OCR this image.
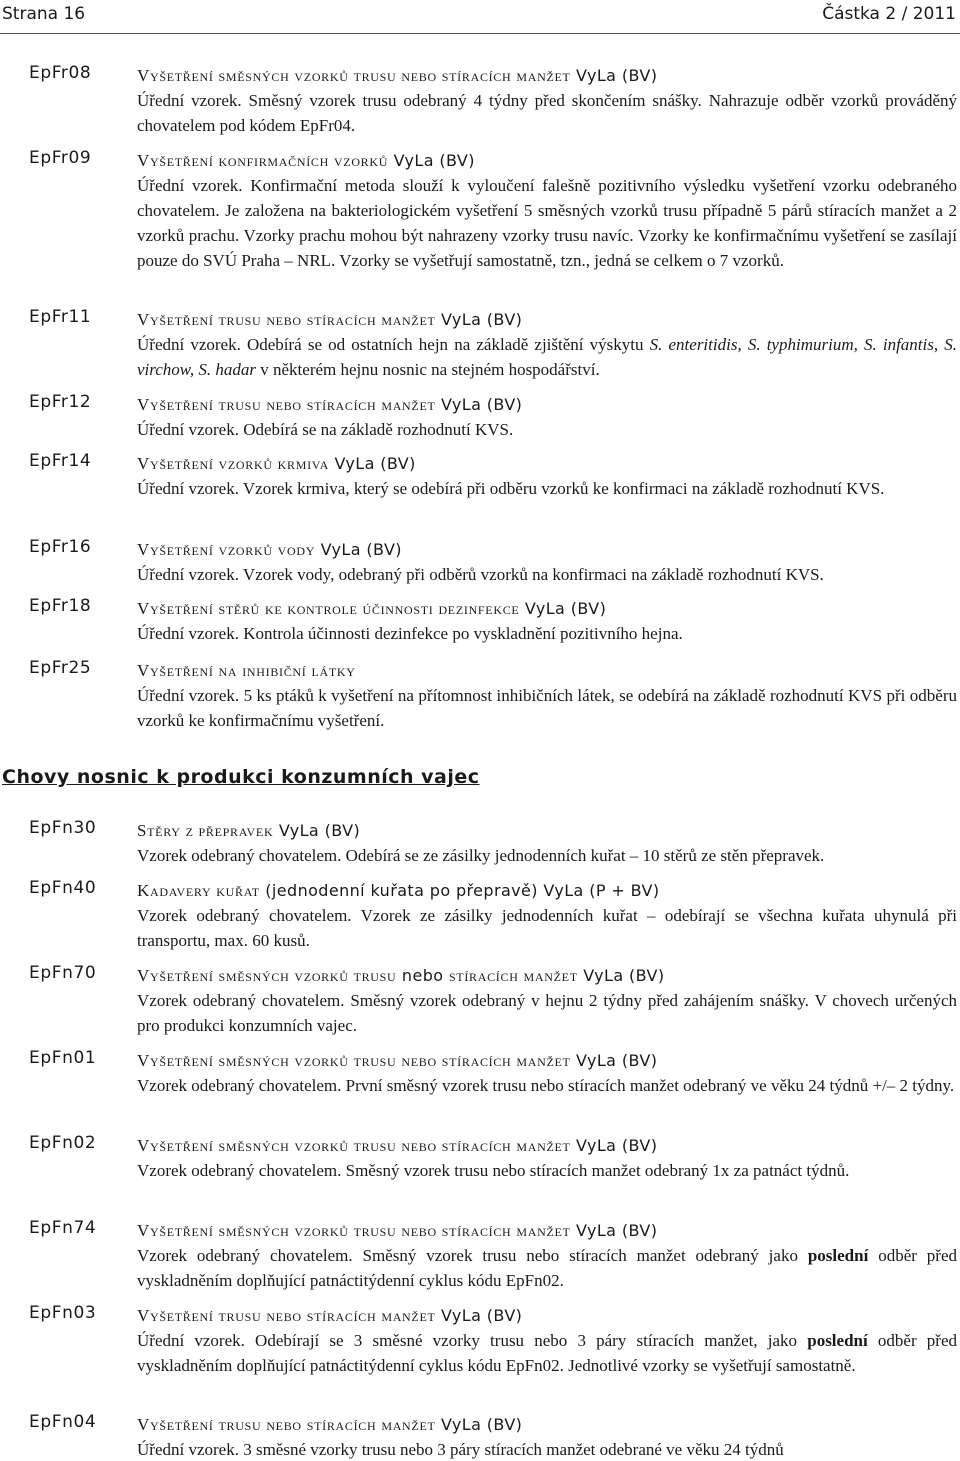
Strana 16	Částka 2 / 2011
EpFr08	Vyšetření směsných vzorků trusu nebo stíracích manžet VyLa (BV)
Úřední vzorek. Směsný vzorek trusu odebraný 4 týdny před skončením snášky. Nahrazuje odběr vzorků prováděný chovatelem pod kódem EpFr04.
EpFr09	Vyšetření konfirmačních vzorků VyLa (BV)
Úřední vzorek. Konfirmační metoda slouží k vyloučení falešně pozitivního výsledku vyšetření vzorku odebraného chovatelem. Je založena na bakteriologickém vyšetření 5 směsných vzorků trusu případně 5 párů stíracích manžet a 2 vzorků prachu. Vzorky prachu mohou být nahrazeny vzorky trusu navíc. Vzorky ke konfirmačnímu vyšetření se zasílají pouze do SVÚ Praha – NRL. Vzorky se vyšetřují samostatně, tzn., jedná se celkem o 7 vzorků.
EpFr11	Vyšetření trusu nebo stíracích manžet VyLa (BV)
Úřední vzorek. Odebírá se od ostatních hejn na základě zjištění výskytu S. enteritidis, S. typhimurium, S. infantis, S. virchow, S. hadar v některém hejnu nosnic na stejném hospodářství.
EpFr12	Vyšetření trusu nebo stíracích manžet VyLa (BV)
Úřední vzorek. Odebírá se na základě rozhodnutí KVS.
EpFr14	Vyšetření vzorků krmiva VyLa (BV)
Úřední vzorek. Vzorek krmiva, který se odebírá při odběru vzorků ke konfirmaci na základě rozhodnutí KVS.
EpFr16	Vyšetření vzorků vody VyLa (BV)
Úřední vzorek. Vzorek vody, odebraný při odběrů vzorků na konfirmaci na základě rozhodnutí KVS.
EpFr18	Vyšetření stěrů ke kontrole účinnosti dezinfekce VyLa (BV)
Úřední vzorek. Kontrola účinnosti dezinfekce po vyskladnění pozitivního hejna.
EpFr25	Vyšetření na inhibiční látky
Úřední vzorek. 5 ks ptáků k vyšetření na přítomnost inhibičních látek, se odebírá na základě rozhodnutí KVS při odběru vzorků ke konfirmačnímu vyšetření.
Chovy nosnic k produkci konzumních vajec
EpFn30 Stěry z přepravek VyLa (BV)
Vzorek odebraný chovatelem. Odebírá se ze zásilky jednodenních kuřat – 10 stěrů ze stěn přepravek.
EpFn40 Kadavery kuřat (jednodenní kuřata po přepravě) VyLa (P + BV)
Vzorek odebraný chovatelem. Vzorek ze zásilky jednodenních kuřat – odebírají se všechna kuřata uhynulá při transportu, max. 60 kusů.
EpFn70 Vyšetření směsných vzorků trusu nebo stíracích manžet VyLa (BV)
Vzorek odebraný chovatelem. Směsný vzorek odebraný v hejnu 2 týdny před zahájením snášky. V chovech určených pro produkci konzumních vajec.
EpFn01 Vyšetření směsných vzorků trusu nebo stíracích manžet VyLa (BV)
Vzorek odebraný chovatelem. První směsný vzorek trusu nebo stíracích manžet odebraný ve věku 24 týdnů +/– 2 týdny.
EpFn02 Vyšetření směsných vzorků trusu nebo stíracích manžet VyLa (BV)
Vzorek odebraný chovatelem. Směsný vzorek trusu nebo stíracích manžet odebraný 1x za patnáct týdnů.
EpFn74 Vyšetření směsných vzorků trusu nebo stíracích manžet VyLa (BV)
Vzorek odebraný chovatelem. Směsný vzorek trusu nebo stíracích manžet odebraný jako poslední odběr před vyskladněním doplňující patnáctitýdenní cyklus kódu EpFn02.
EpFn03 Vyšetření trusu nebo stíracích manžet VyLa (BV)
Úřední vzorek. Odebírají se 3 směsné vzorky trusu nebo 3 páry stíracích manžet, jako poslední odběr před vyskladněním doplňující patnáctitýdenní cyklus kódu EpFn02. Jednotlivé vzorky se vyšetřují samostatně.
EpFn04 Vyšetření trusu nebo stíracích manžet VyLa (BV)
Úřední vzorek. 3 směsné vzorky trusu nebo 3 páry stíracích manžet odebrané ve věku 24 týdnů
